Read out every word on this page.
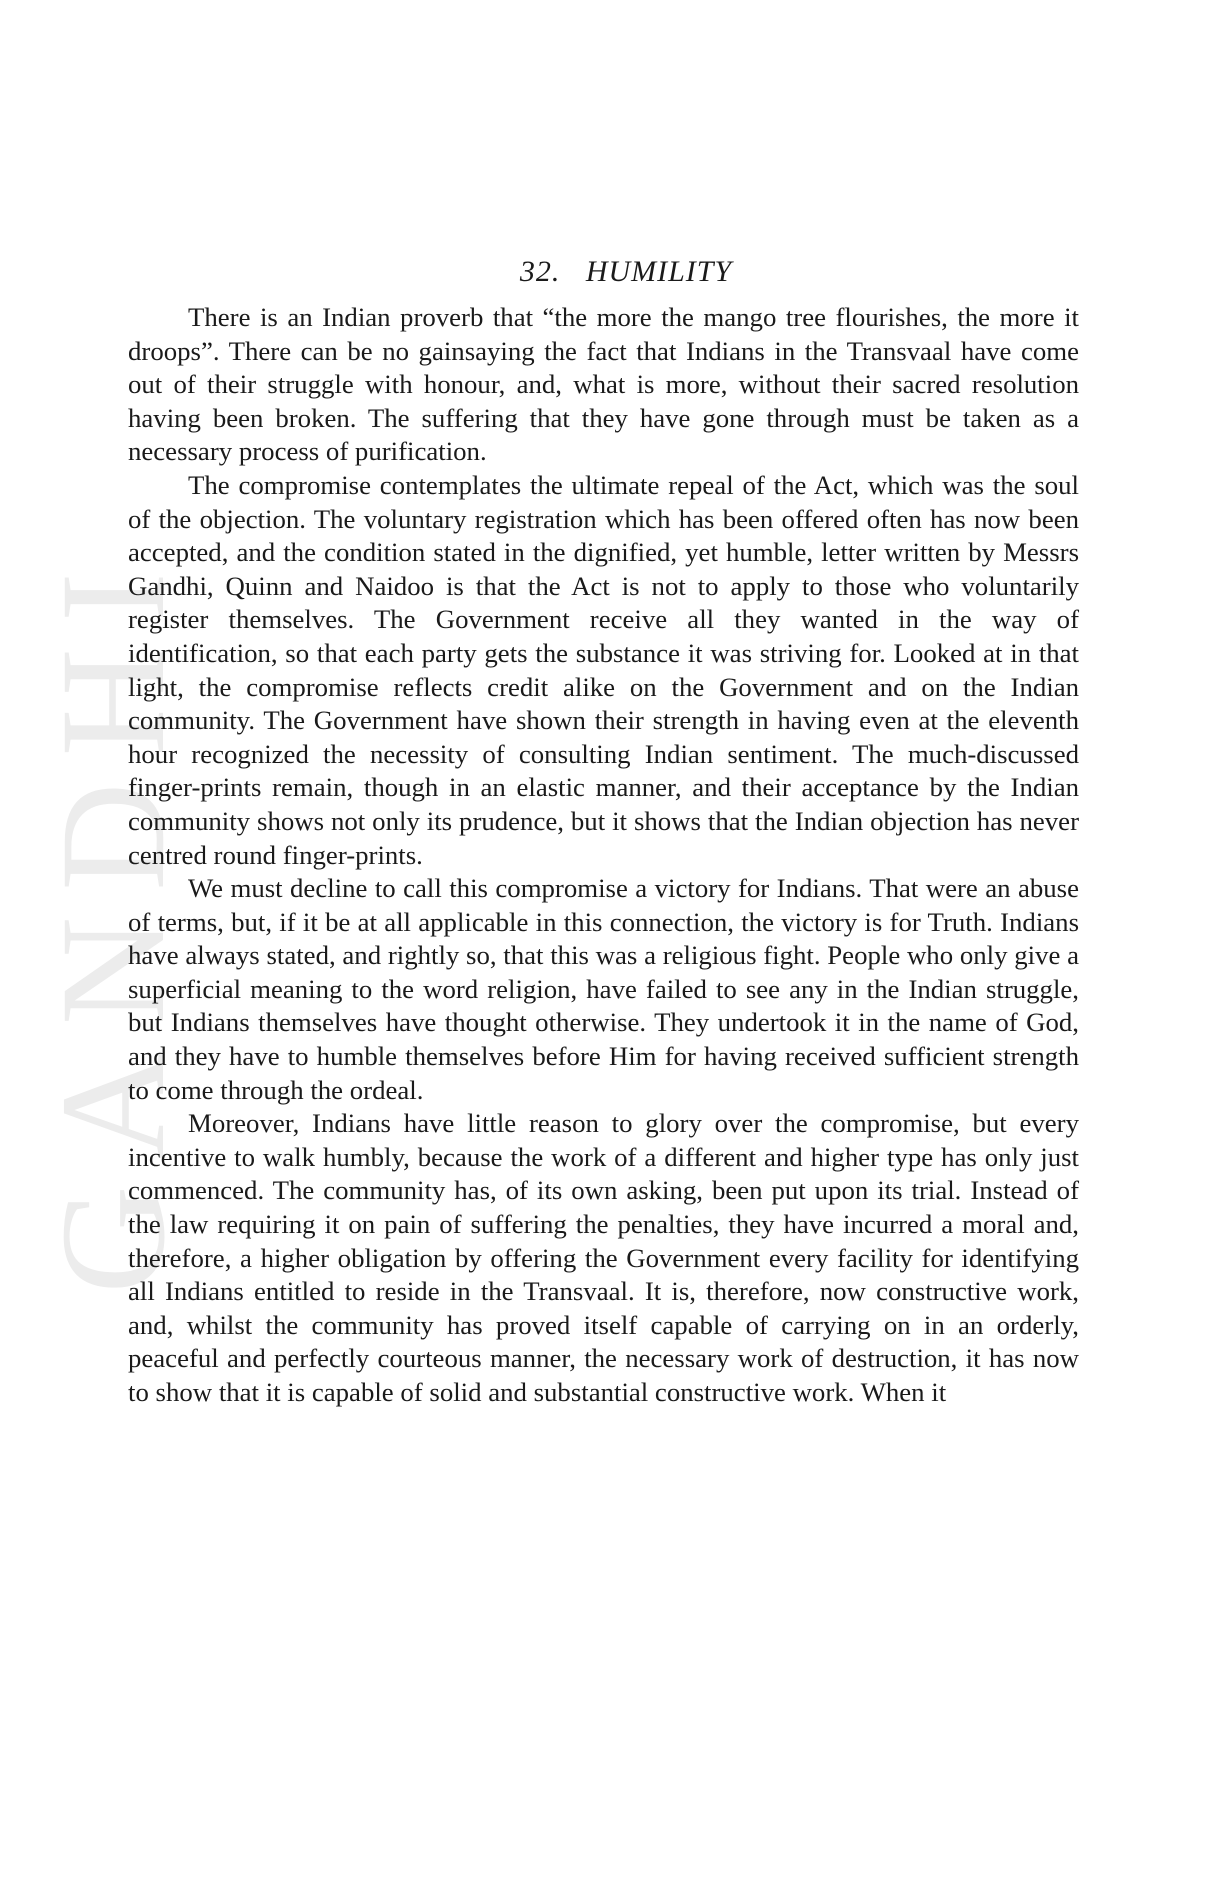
GANDHI
32. HUMILITY

There is an Indian proverb that “the more the mango tree flourishes, the more it droops”. There can be no gainsaying the fact that Indians in the Transvaal have come out of their struggle with honour, and, what is more, without their sacred resolution having been broken. The suffering that they have gone through must be taken as a necessary process of purification.

The compromise contemplates the ultimate repeal of the Act, which was the soul of the objection. The voluntary registration which has been offered often has now been accepted, and the condition stated in the dignified, yet humble, letter written by Messrs Gandhi, Quinn and Naidoo is that the Act is not to apply to those who voluntarily register themselves. The Government receive all they wanted in the way of identification, so that each party gets the substance it was striving for. Looked at in that light, the compromise reflects credit alike on the Government and on the Indian community. The Government have shown their strength in having even at the eleventh hour recognized the necessity of consulting Indian sentiment. The much-discussed finger-prints remain, though in an elastic manner, and their acceptance by the Indian community shows not only its prudence, but it shows that the Indian objection has never centred round finger-prints.

We must decline to call this compromise a victory for Indians. That were an abuse of terms, but, if it be at all applicable in this connection, the victory is for Truth. Indians have always stated, and rightly so, that this was a religious fight. People who only give a superficial meaning to the word religion, have failed to see any in the Indian struggle, but Indians themselves have thought otherwise. They undertook it in the name of God, and they have to humble themselves before Him for having received sufficient strength to come through the ordeal.

Moreover, Indians have little reason to glory over the compromise, but every incentive to walk humbly, because the work of a different and higher type has only just commenced. The community has, of its own asking, been put upon its trial. Instead of the law requiring it on pain of suffering the penalties, they have incurred a moral and, therefore, a higher obligation by offering the Government every facility for identifying all Indians entitled to reside in the Transvaal. It is, therefore, now constructive work, and, whilst the community has proved itself capable of carrying on in an orderly, peaceful and perfectly courteous manner, the necessary work of destruction, it has now to show that it is capable of solid and substantial constructive work. When it
